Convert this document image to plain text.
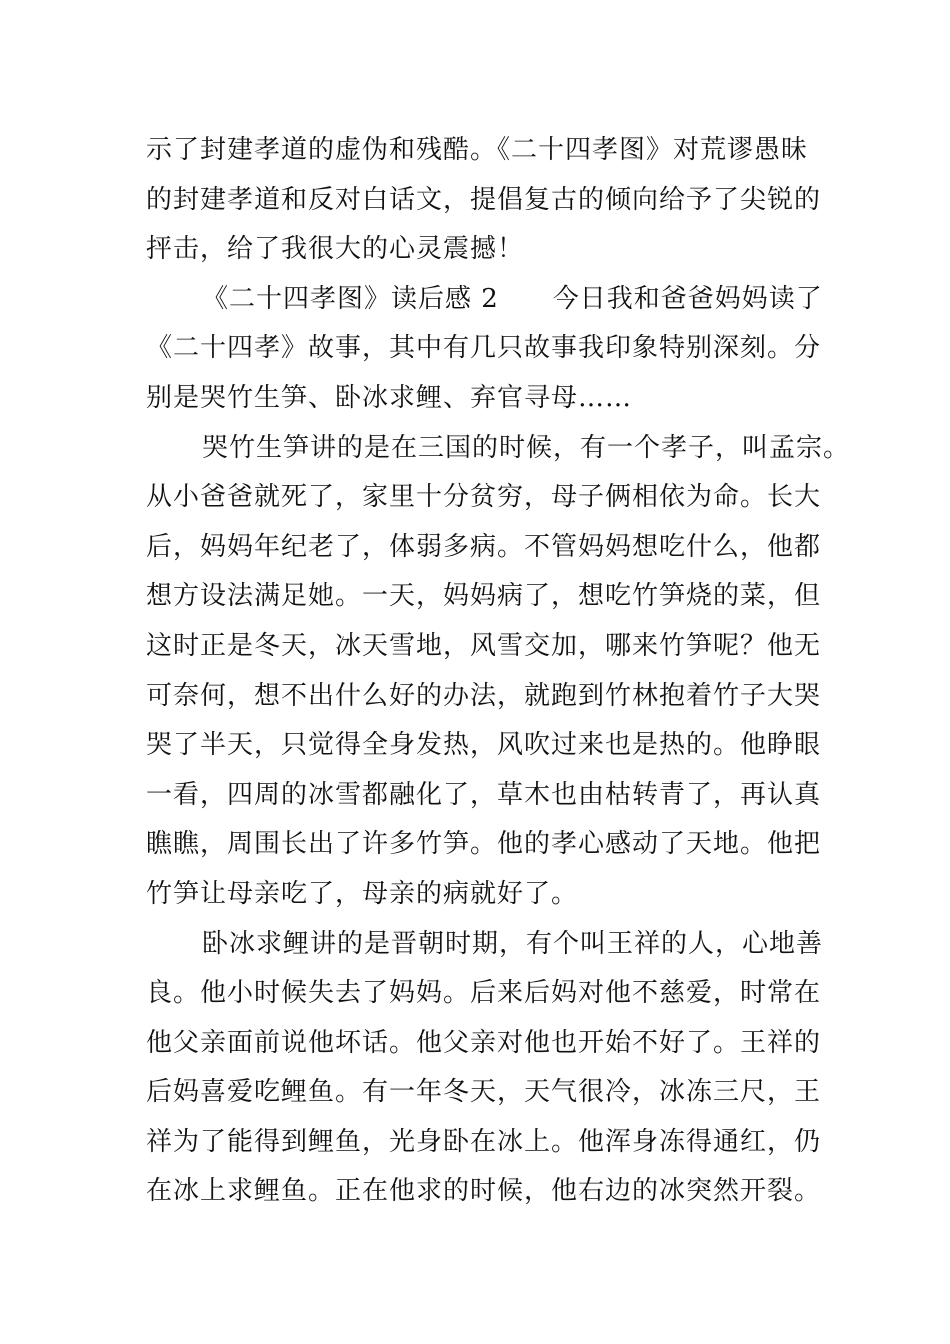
示了封建孝道的虚伪和残酷。《二十四孝图》对荒谬愚昧
的封建孝道和反对白话文，提倡复古的倾向给予了尖锐的
抨击，给了我很大的心灵震撼！
《二十四孝图》读后感 2　　今日我和爸爸妈妈读了
《二十四孝》故事，其中有几只故事我印象特别深刻。分
别是哭竹生笋、卧冰求鲤、弃官寻母……
哭竹生笋讲的是在三国的时候，有一个孝子，叫孟宗。
从小爸爸就死了，家里十分贫穷，母子俩相依为命。长大
后，妈妈年纪老了，体弱多病。不管妈妈想吃什么，他都
想方设法满足她。一天，妈妈病了，想吃竹笋烧的菜，但
这时正是冬天，冰天雪地，风雪交加，哪来竹笋呢？他无
可奈何，想不出什么好的办法，就跑到竹林抱着竹子大哭
哭了半天，只觉得全身发热，风吹过来也是热的。他睁眼
一看，四周的冰雪都融化了，草木也由枯转青了，再认真
瞧瞧，周围长出了许多竹笋。他的孝心感动了天地。他把
竹笋让母亲吃了，母亲的病就好了。
卧冰求鲤讲的是晋朝时期，有个叫王祥的人，心地善
良。他小时候失去了妈妈。后来后妈对他不慈爱，时常在
他父亲面前说他坏话。他父亲对他也开始不好了。王祥的
后妈喜爱吃鲤鱼。有一年冬天，天气很冷，冰冻三尺，王
祥为了能得到鲤鱼，光身卧在冰上。他浑身冻得通红，仍
在冰上求鲤鱼。正在他求的时候，他右边的冰突然开裂。
